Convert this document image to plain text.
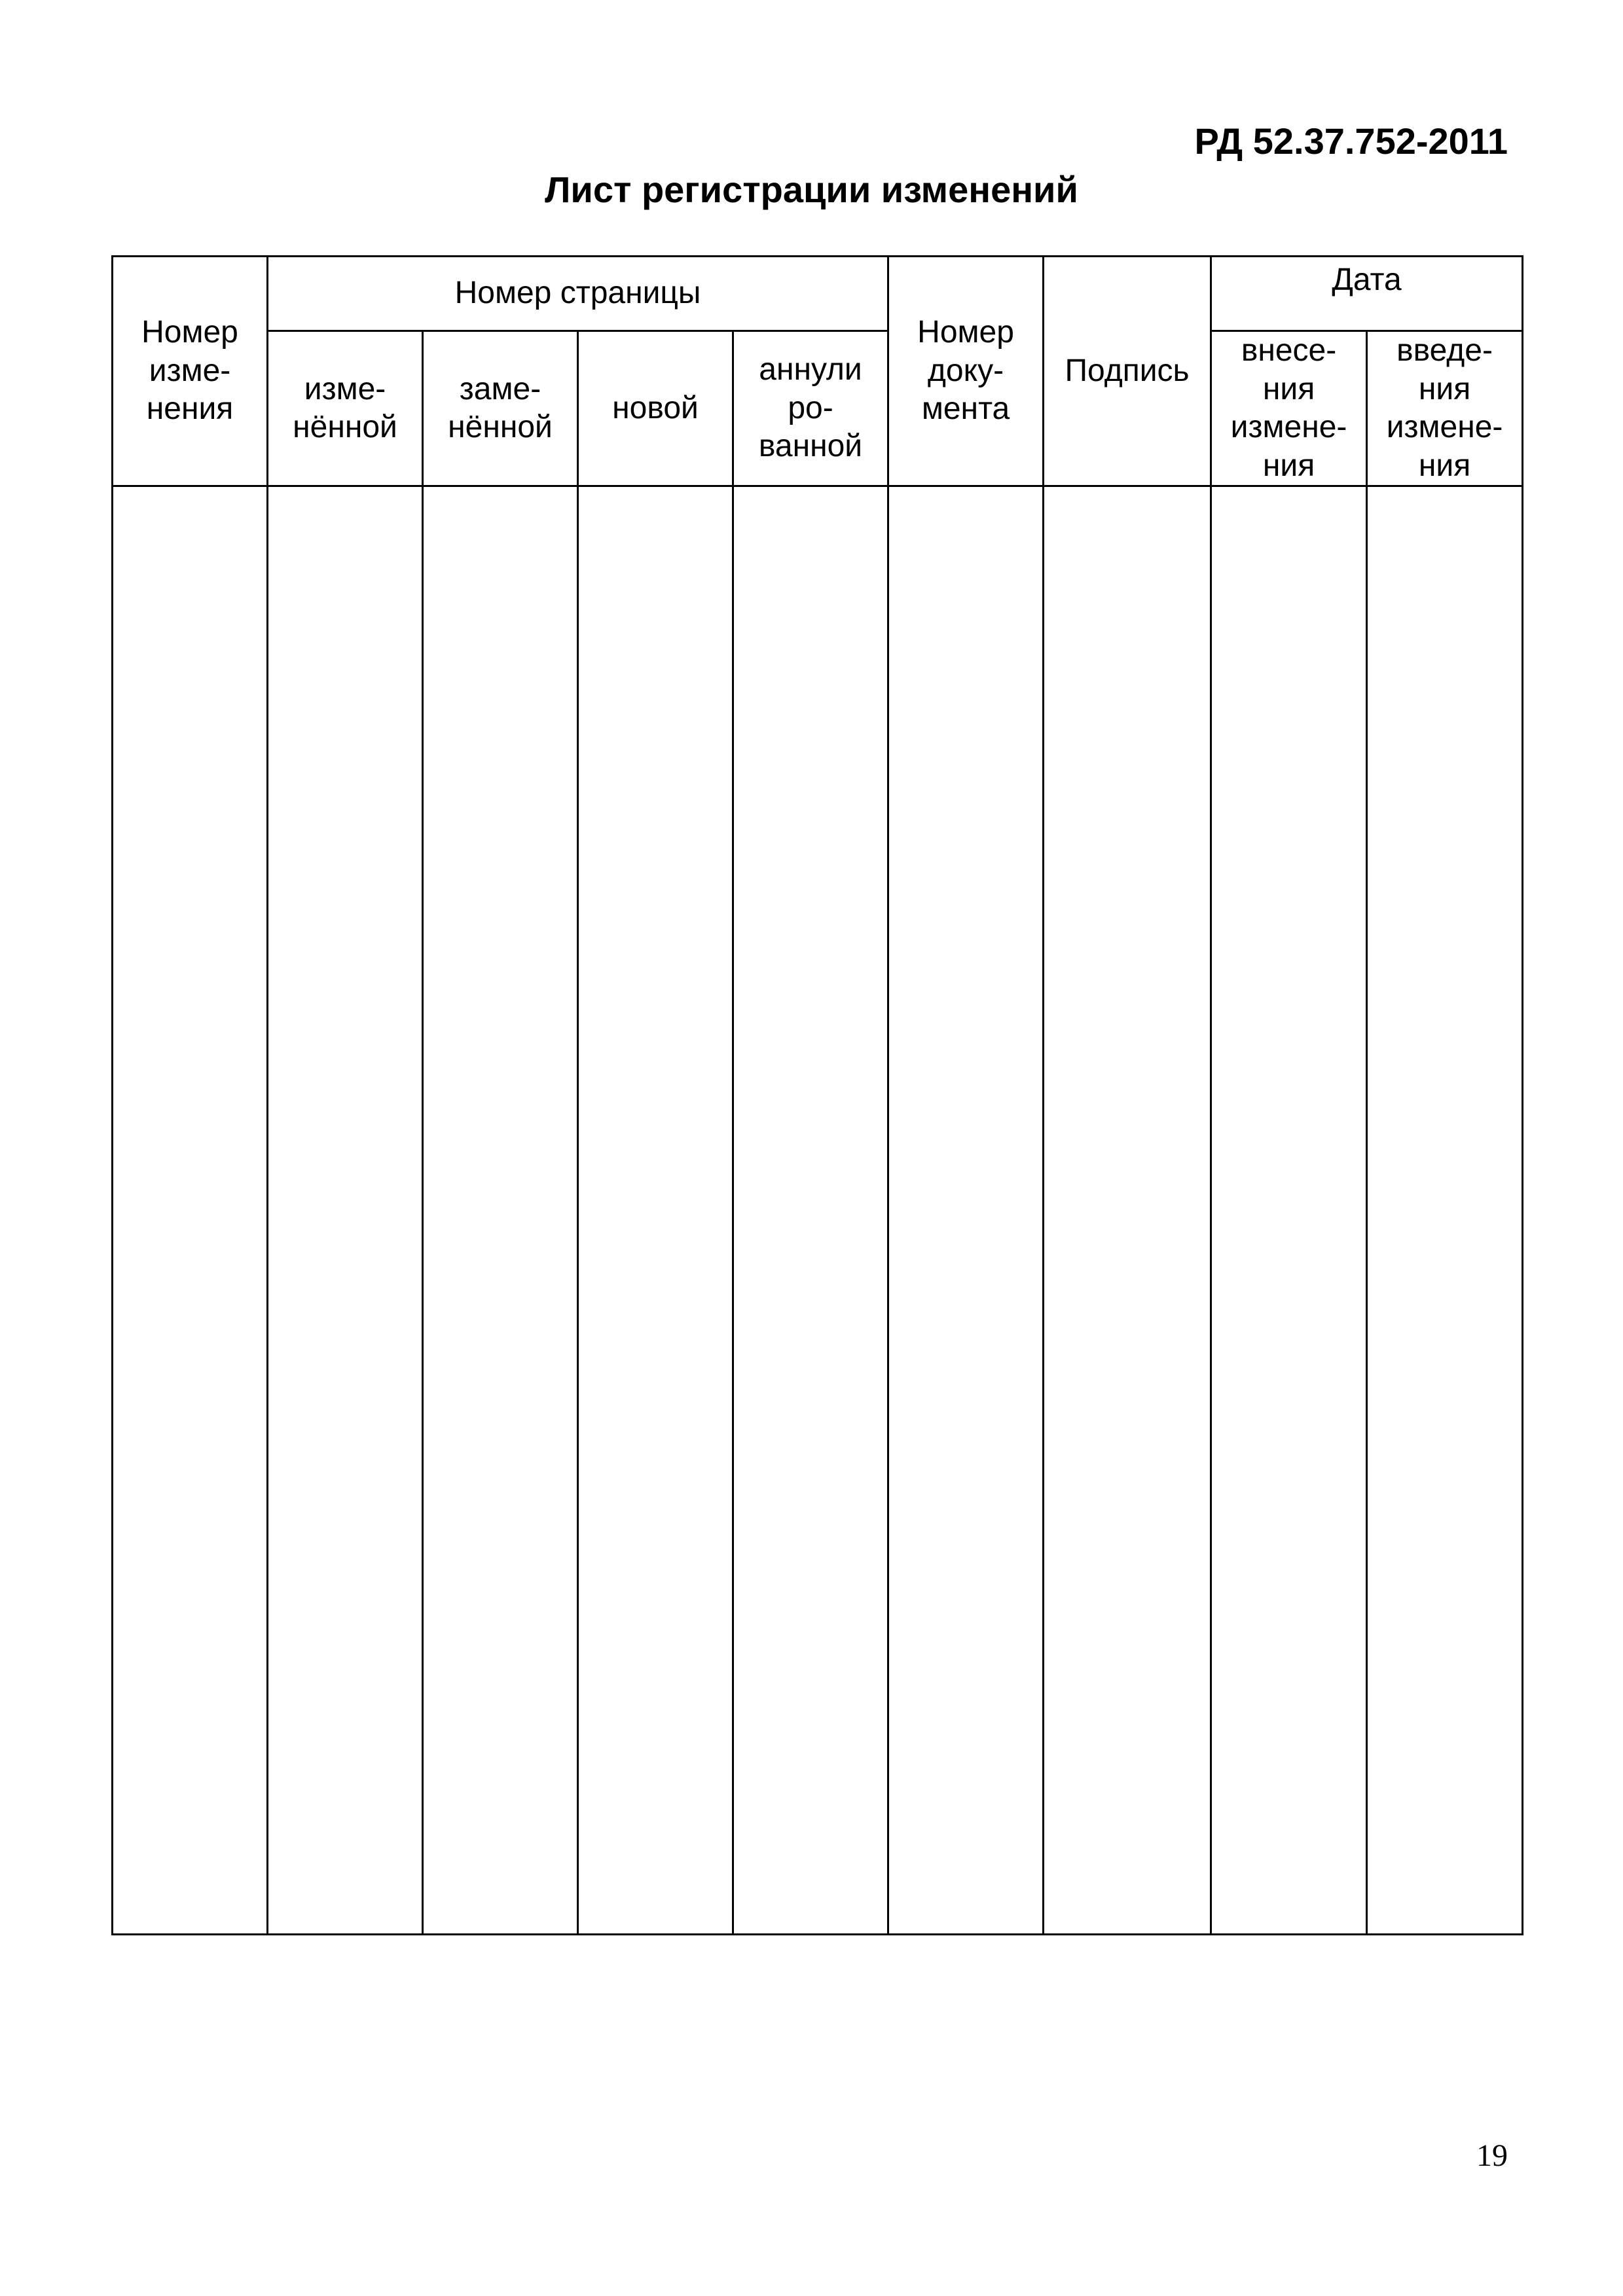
РД 52.37.752-2011
Лист регистрации изменений
Номер
изме-
нения	Номер страницы				Номер
доку-
мента	Подпись	Дата	

	изме-
нённой	заме-
нённой	новой	аннули
ро-
ванной			внесе-
ния
измене-
ния	введе-
ния
измене-
ния

19
